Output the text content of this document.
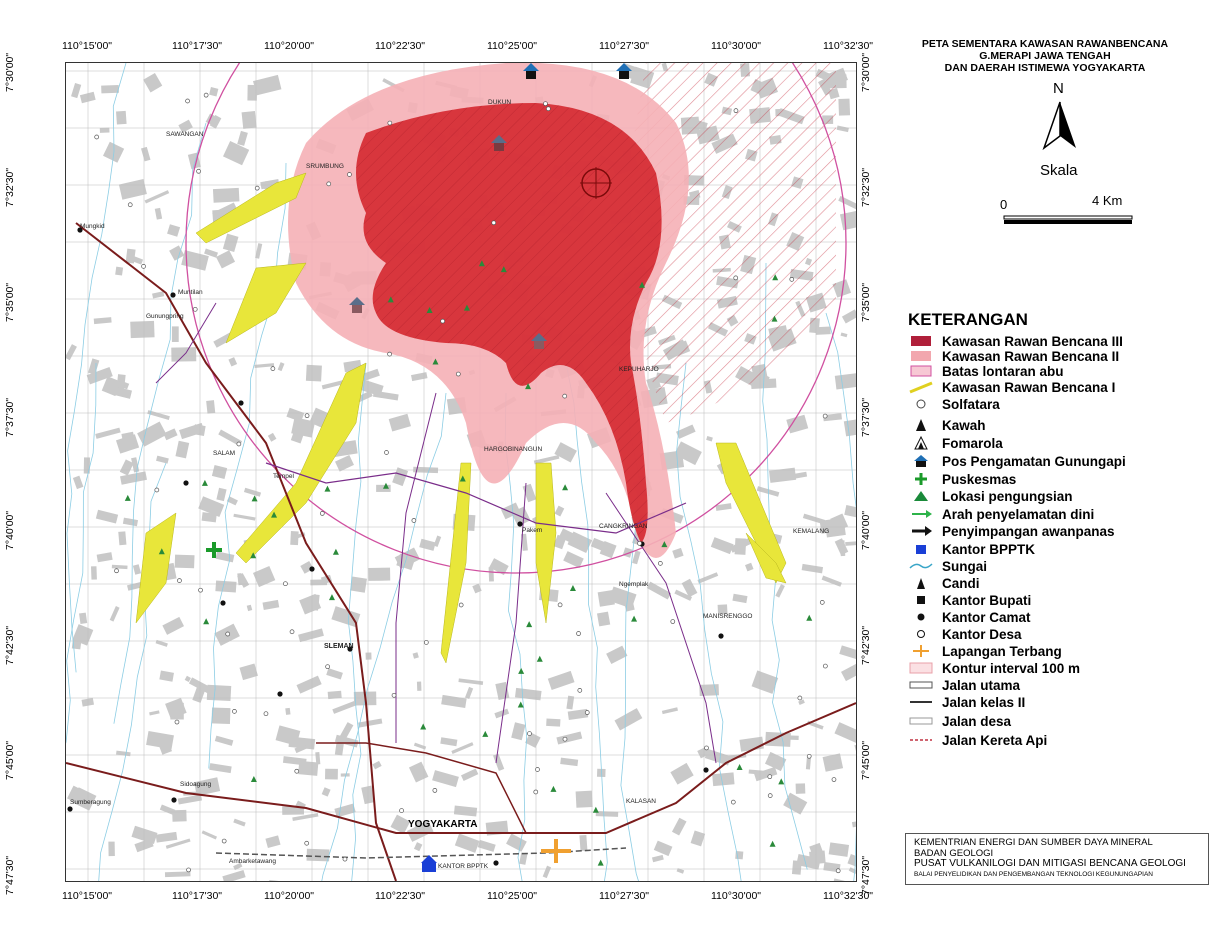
YOGYAKARTA
SLEMAN
KANTOR BPPTK
Muntilan
Mungkid
Gunungpring
SALAM
Tempel
Sumberagung
Sidoagung
Ambarketawang
Pakem
KALASAN
Ngemplak
CANGKRINGAN
KEPUHARJO
HARGOBINANGUN
KEMALANG
MANISRENGGO
DUKUN
SRUMBUNG
SAWANGAN
PETA SEMENTARA KAWASAN RAWANBENCANA
G.MERAPI JAWA TENGAH
DAN DAERAH ISTIMEWA YOGYAKARTA
N
Skala
0	4 Km
KETERANGAN
Kawasan Rawan Bencana III
Kawasan Rawan Bencana II
Batas lontaran abu
Kawasan Rawan Bencana I
Solfatara
Kawah
Fomarola
Pos Pengamatan Gunungapi
Puskesmas
Lokasi pengungsian
Arah penyelamatan dini
Penyimpangan awanpanas
Kantor BPPTK
Sungai
Candi
Kantor Bupati
Kantor Camat
Kantor Desa
Lapangan Terbang
Kontur interval 100 m
Jalan utama
Jalan kelas II
Jalan desa
Jalan Kereta Api
KEMENTRIAN ENERGI DAN SUMBER DAYA MINERAL
BADAN GEOLOGI
PUSAT VULKANILOGI DAN MITIGASI BENCANA GEOLOGI
BALAI PENYELIDIKAN DAN PENGEMBANGAN TEKNOLOGI KEGUNUNGAPIAN
110°15'00"
110°15'00"
110°17'30"
110°17'30"
110°20'00"
110°20'00"
110°22'30"
110°22'30"
110°25'00"
110°25'00"
110°27'30"
110°27'30"
110°30'00"
110°30'00"
110°32'30"
110°32'30"
7°30'00"	7°30'00"
7°32'30"	7°32'30"
7°35'00"	7°35'00"
7°37'30"	7°37'30"
7°40'00"	7°40'00"
7°42'30"	7°42'30"
7°45'00"	7°45'00"
7°47'30"	7°47'30"
